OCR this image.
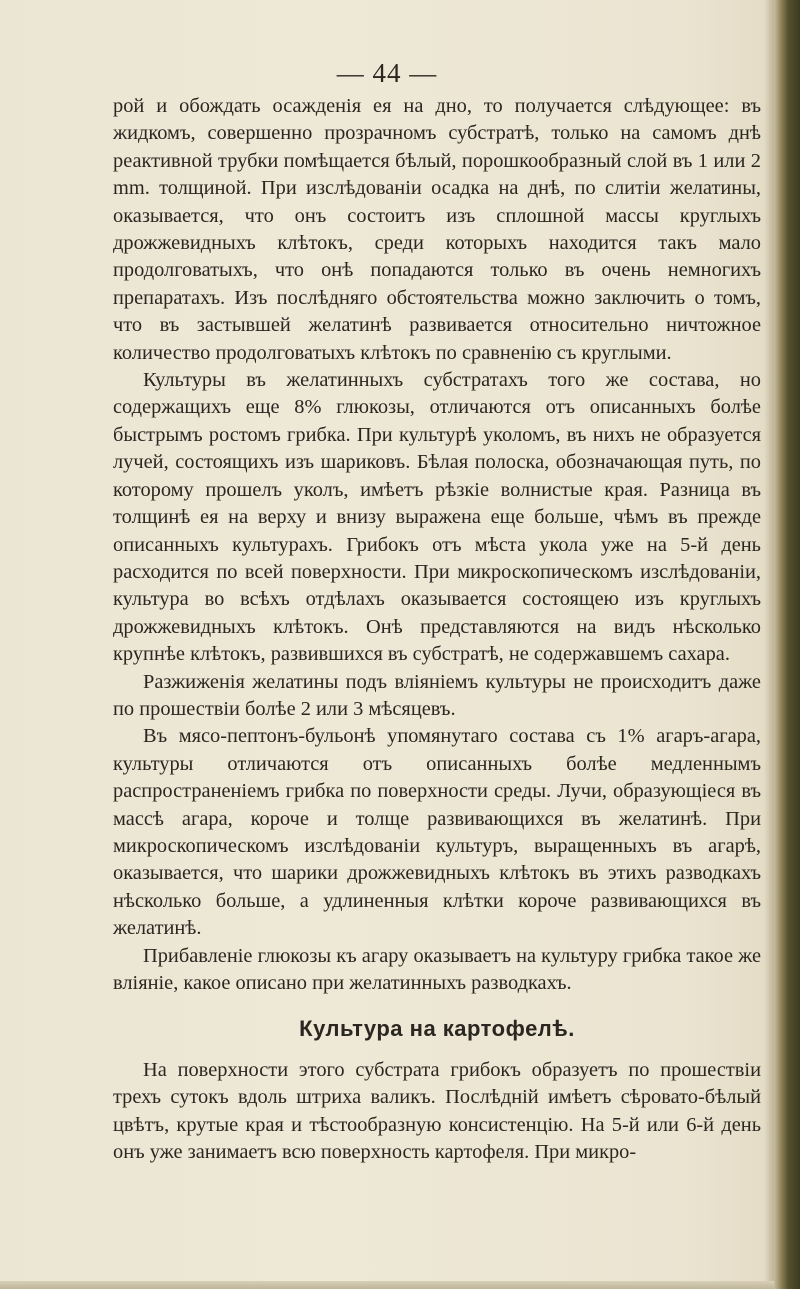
— 44 —

рой и обождать осажденія ея на дно, то получается слѣдующее: въ жидкомъ, совершенно прозрачномъ субстратѣ, только на самомъ днѣ реактивной трубки помѣщается бѣлый, порошкообразный слой въ 1 или 2 mm. толщиной. При изслѣдованіи осадка на днѣ, по слитіи желатины, оказывается, что онъ состоитъ изъ сплошной массы круглыхъ дрожжевидныхъ клѣтокъ, среди которыхъ находится такъ мало продолговатыхъ, что онѣ попадаются только въ очень немногихъ препаратахъ. Изъ послѣдняго обстоятельства можно заключить о томъ, что въ застывшей желатинѣ развивается относительно ничтожное количество продолговатыхъ клѣтокъ по сравненію съ круглыми.

Культуры въ желатинныхъ субстратахъ того же состава, но содержащихъ еще 8% глюкозы, отличаются отъ описанныхъ болѣе быстрымъ ростомъ грибка. При культурѣ уколомъ, въ нихъ не образуется лучей, состоящихъ изъ шариковъ. Бѣлая полоска, обозначающая путь, по которому прошелъ уколъ, имѣетъ рѣзкіе волнистые края. Разница въ толщинѣ ея на верху и внизу выражена еще больше, чѣмъ въ прежде описанныхъ культурахъ. Грибокъ отъ мѣста укола уже на 5-й день расходится по всей поверхности. При микроскопическомъ изслѣдованіи, культура во всѣхъ отдѣлахъ оказывается состоящею изъ круглыхъ дрожжевидныхъ клѣтокъ. Онѣ представляются на видъ нѣсколько крупнѣе клѣтокъ, развившихся въ субстратѣ, не содержавшемъ сахара.

Разжиженія желатины подъ вліяніемъ культуры не происходитъ даже по прошествіи болѣе 2 или 3 мѣсяцевъ.

Въ мясо-пептонъ-бульонѣ упомянутаго состава съ 1% агаръ-агара, культуры отличаются отъ описанныхъ болѣе медленнымъ распространеніемъ грибка по поверхности среды. Лучи, образующіеся въ массѣ агара, короче и толще развивающихся въ желатинѣ. При микроскопическомъ изслѣдованіи культуръ, выращенныхъ въ агарѣ, оказывается, что шарики дрожжевидныхъ клѣтокъ въ этихъ разводкахъ нѣсколько больше, а удлиненныя клѣтки короче развивающихся въ желатинѣ.

Прибавленіе глюкозы къ агару оказываетъ на культуру грибка такое же вліяніе, какое описано при желатинныхъ разводкахъ.

Культура на картофелѣ.

На поверхности этого субстрата грибокъ образуетъ по прошествіи трехъ сутокъ вдоль штриха валикъ. Послѣдній имѣетъ сѣровато-бѣлый цвѣтъ, крутые края и тѣстообразную консистенцію. На 5-й или 6-й день онъ уже занимаетъ всю поверхность картофеля. При микро-
